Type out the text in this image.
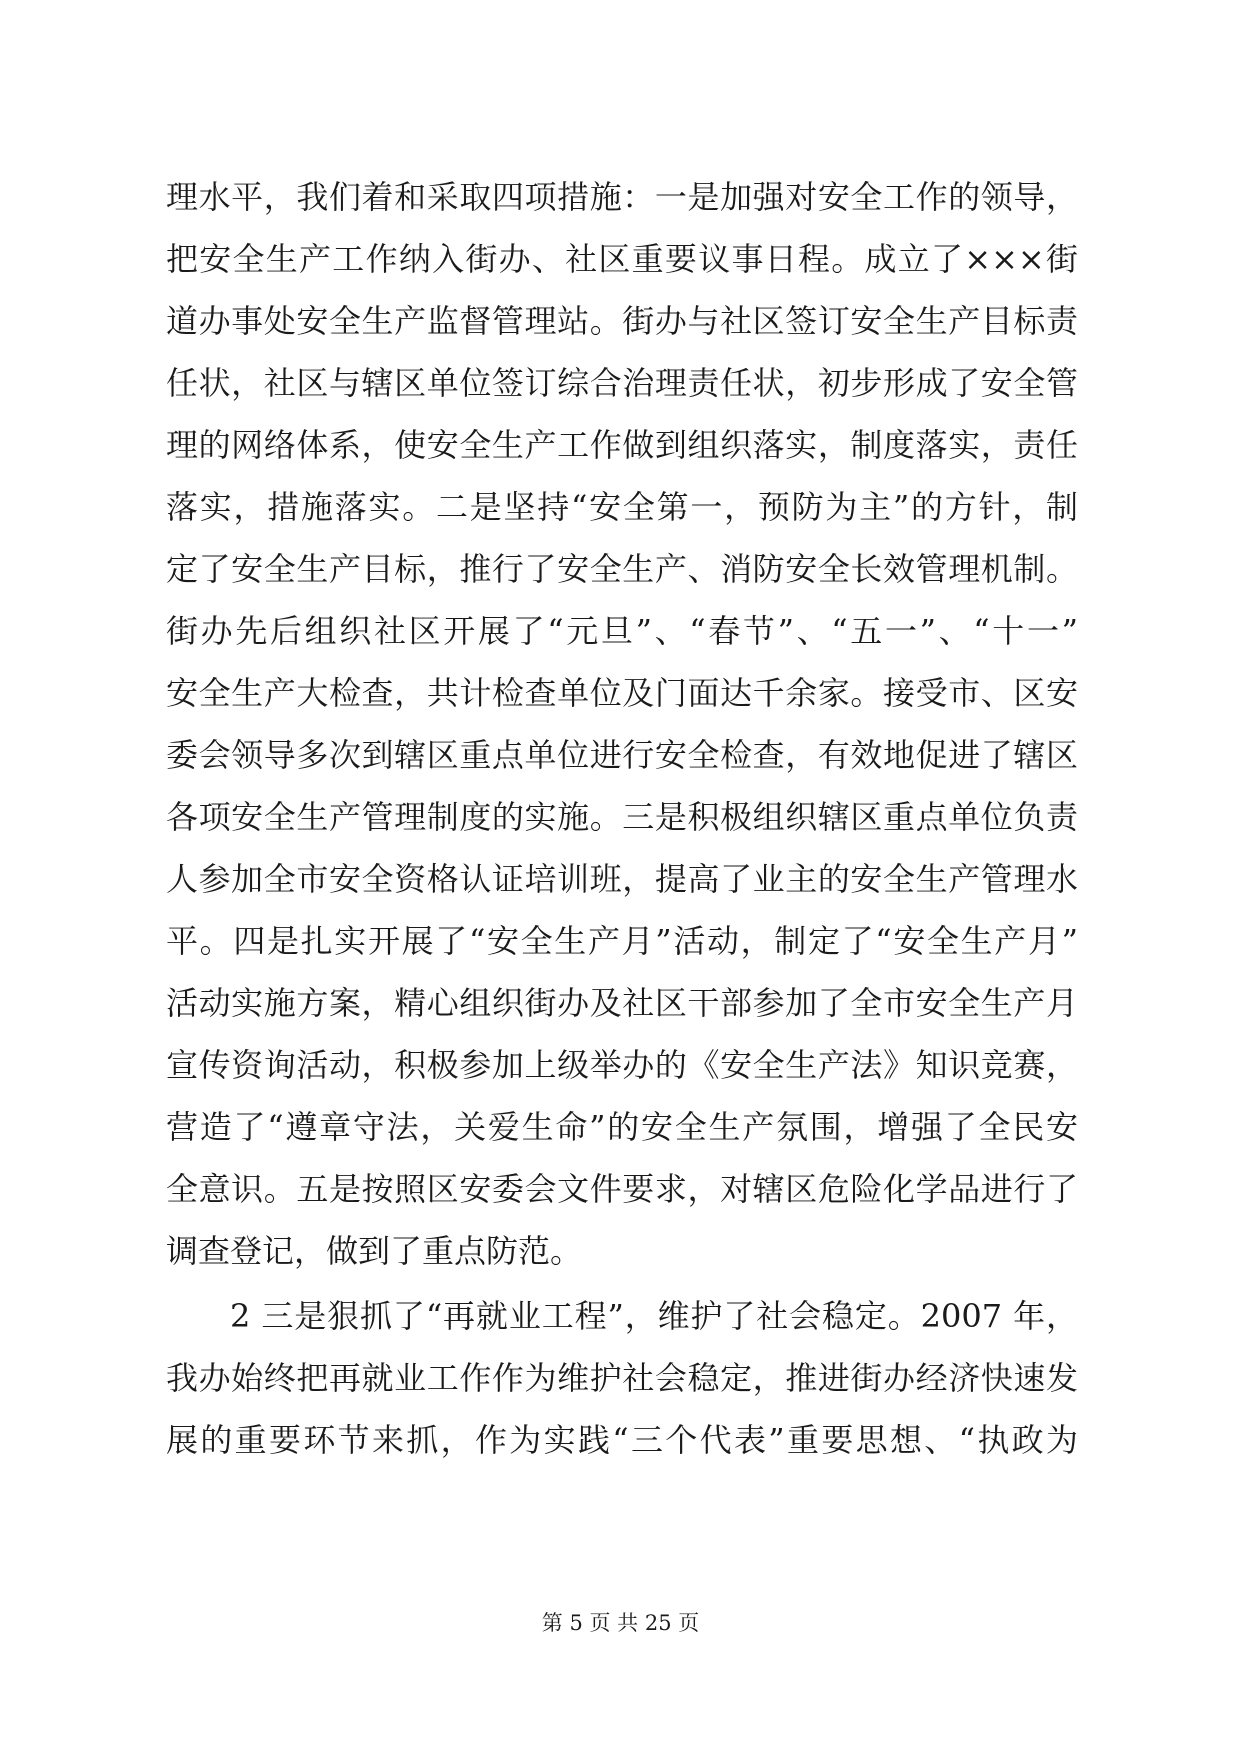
理水平，我们着和采取四项措施：一是加强对安全工作的领导，
把安全生产工作纳入街办、社区重要议事日程。成立了×××街
道办事处安全生产监督管理站。街办与社区签订安全生产目标责
任状，社区与辖区单位签订综合治理责任状，初步形成了安全管
理的网络体系，使安全生产工作做到组织落实，制度落实，责任
落实，措施落实。二是坚持“安全第一，预防为主”的方针，制
定了安全生产目标，推行了安全生产、消防安全长效管理机制。
街办先后组织社区开展了“元旦”、“春节”、“五一”、“十一”
安全生产大检查，共计检查单位及门面达千余家。接受市、区安
委会领导多次到辖区重点单位进行安全检查，有效地促进了辖区
各项安全生产管理制度的实施。三是积极组织辖区重点单位负责
人参加全市安全资格认证培训班，提高了业主的安全生产管理水
平。四是扎实开展了“安全生产月”活动，制定了“安全生产月”
活动实施方案，精心组织街办及社区干部参加了全市安全生产月
宣传资询活动，积极参加上级举办的《安全生产法》知识竞赛，
营造了“遵章守法，关爱生命”的安全生产氛围，增强了全民安
全意识。五是按照区安委会文件要求，对辖区危险化学品进行了
调查登记，做到了重点防范。
2 三是狠抓了“再就业工程”，维护了社会稳定。2007 年，
我办始终把再就业工作作为维护社会稳定，推进街办经济快速发
展的重要环节来抓，作为实践“三个代表”重要思想、“执政为
第 5 页 共 25 页
